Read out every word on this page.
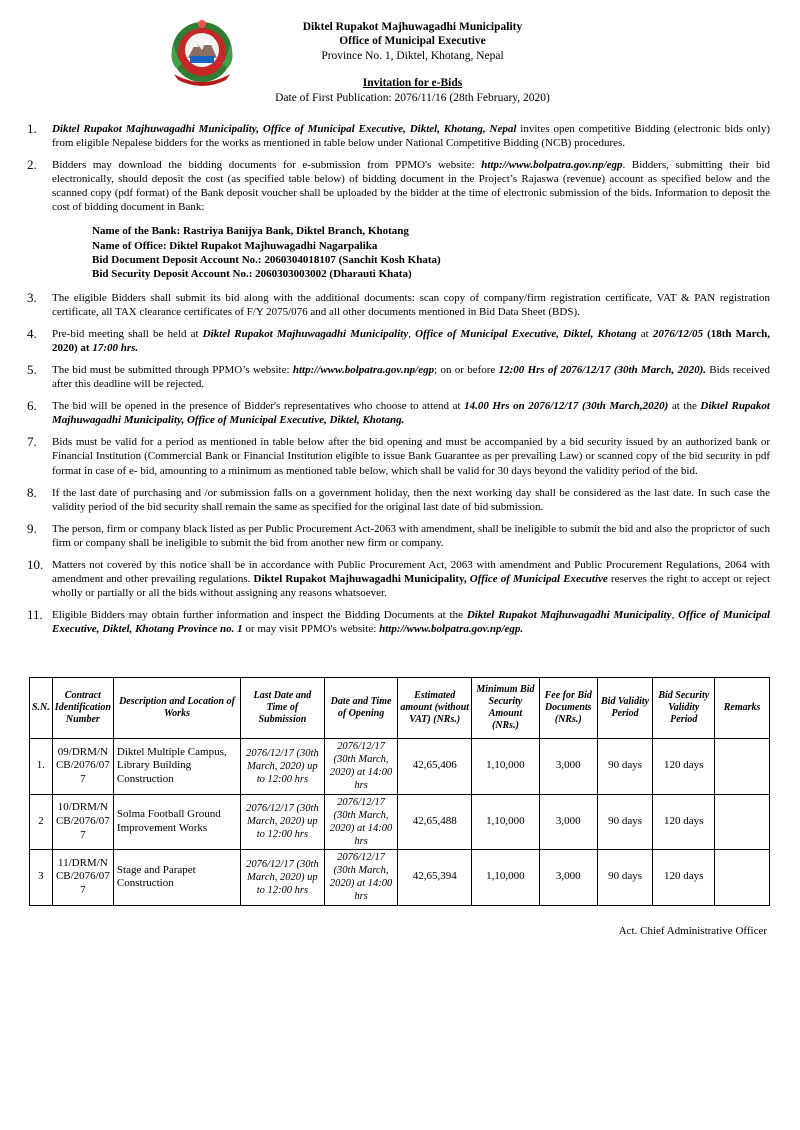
Diktel Rupakot Majhuwagadhi Municipality
Office of Municipal Executive
Province No. 1, Diktel, Khotang, Nepal
Invitation for e-Bids
Date of First Publication: 2076/11/16 (28th February, 2020)
1.	Diktel Rupakot Majhuwagadhi Municipality, Office of Municipal Executive, Diktel, Khotang, Nepal invites open competitive Bidding (electronic bids only) from eligible Nepalese bidders for the works as mentioned in table below under National Competitive Bidding (NCB) procedures.
2.	Bidders may download the bidding documents for e-submission from PPMO's website: http://www.bolpatra.gov.np/egp. Bidders, submitting their bid electronically, should deposit the cost (as specified table below) of bidding document in the Project’s Rajaswa (revenue) account as specified below and the scanned copy (pdf format) of the Bank deposit voucher shall be uploaded by the bidder at the time of electronic submission of the bids. Information to deposit the cost of bidding document in Bank:
Name of the Bank: Rastriya Banijya Bank, Diktel Branch, Khotang
Name of Office: Diktel Rupakot Majhuwagadhi Nagarpalika
Bid Document Deposit Account No.: 2060304018107 (Sanchit Kosh Khata)
Bid Security Deposit Account No.: 2060303003002 (Dharauti Khata)
3.	The eligible Bidders shall submit its bid along with the additional documents: scan copy of company/firm registration certificate, VAT & PAN registration certificate, all TAX clearance certificates of F/Y 2075/076 and all other documents mentioned in Bid Data Sheet (BDS).
4.	Pre-bid meeting shall be held at Diktel Rupakot Majhuwagadhi Municipality, Office of Municipal Executive, Diktel, Khotang at 2076/12/05 (18th March, 2020) at 17:00 hrs.
5.	The bid must be submitted through PPMO’s website: http://www.bolpatra.gov.np/egp; on or before 12:00 Hrs of 2076/12/17 (30th March, 2020). Bids received after this deadline will be rejected.
6.	The bid will be opened in the presence of Bidder's representatives who choose to attend at 14.00 Hrs on 2076/12/17 (30th March,2020) at the Diktel Rupakot Majhuwagadhi Municipality, Office of Municipal Executive, Diktel, Khotang.
7.	Bids must be valid for a period as mentioned in table below after the bid opening and must be accompanied by a bid security issued by an authorized bank or Financial Institution (Commercial Bank or Financial Institution eligible to issue Bank Guarantee as per prevailing Law) or scanned copy of the bid security in pdf format in case of e- bid, amounting to a minimum as mentioned table below, which shall be valid for 30 days beyond the validity period of the bid.
8.	If the last date of purchasing and /or submission falls on a government holiday, then the next working day shall be considered as the last date. In such case the validity period of the bid security shall remain the same as specified for the original last date of bid submission.
9.	The person, firm or company black listed as per Public Procurement Act-2063 with amendment, shall be ineligible to submit the bid and also the proprictor of such firm or company shall be ineligible to submit the bid from another new firm or company.
10. Matters not covered by this notice shall be in accordance with Public Procurement Act, 2063 with amendment and Public Procurement Regulations, 2064 with amendment and other prevailing regulations. Diktel Rupakot Majhuwagadhi Municipality, Office of Municipal Executive reserves the right to accept or reject wholly or partially or all the bids without assigning any reasons whatsoever.
11. Eligible Bidders may obtain further information and inspect the Bidding Documents at the Diktel Rupakot Majhuwagadhi Municipality, Office of Municipal Executive, Diktel, Khotang Province no. 1 or may visit PPMO's website: http://www.bolpatra.gov.np/egp.
S.N.	Contract Identification Number	Description and Location of Works	Last Date and Time of Submission	Date and Time of Opening	Estimated amount (without VAT) (NRs.)	Minimum Bid Security Amount (NRs.)	Fee for Bid Documents (NRs.)	Bid Validity Period	Bid Security Validity Period	Remarks
1.	09/DRM/NCB/2076/077	Diktel Multiple Campus, Library Building Construction	2076/12/17 (30th March, 2020) up to 12:00 hrs	2076/12/17 (30th March, 2020) at 14:00 hrs	42,65,406	1,10,000	3,000	90 days	120 days	
2	10/DRM/NCB/2076/077	Solma Football Ground Improvement Works	2076/12/17 (30th March, 2020) up to 12:00 hrs	2076/12/17 (30th March, 2020) at 14:00 hrs	42,65,488	1,10,000	3,000	90 days	120 days	
3	11/DRM/NCB/2076/077	Stage and Parapet Construction	2076/12/17 (30th March, 2020) up to 12:00 hrs	2076/12/17 (30th March, 2020) at 14:00 hrs	42,65,394	1,10,000	3,000	90 days	120 days	
Act. Chief Administrative Officer
